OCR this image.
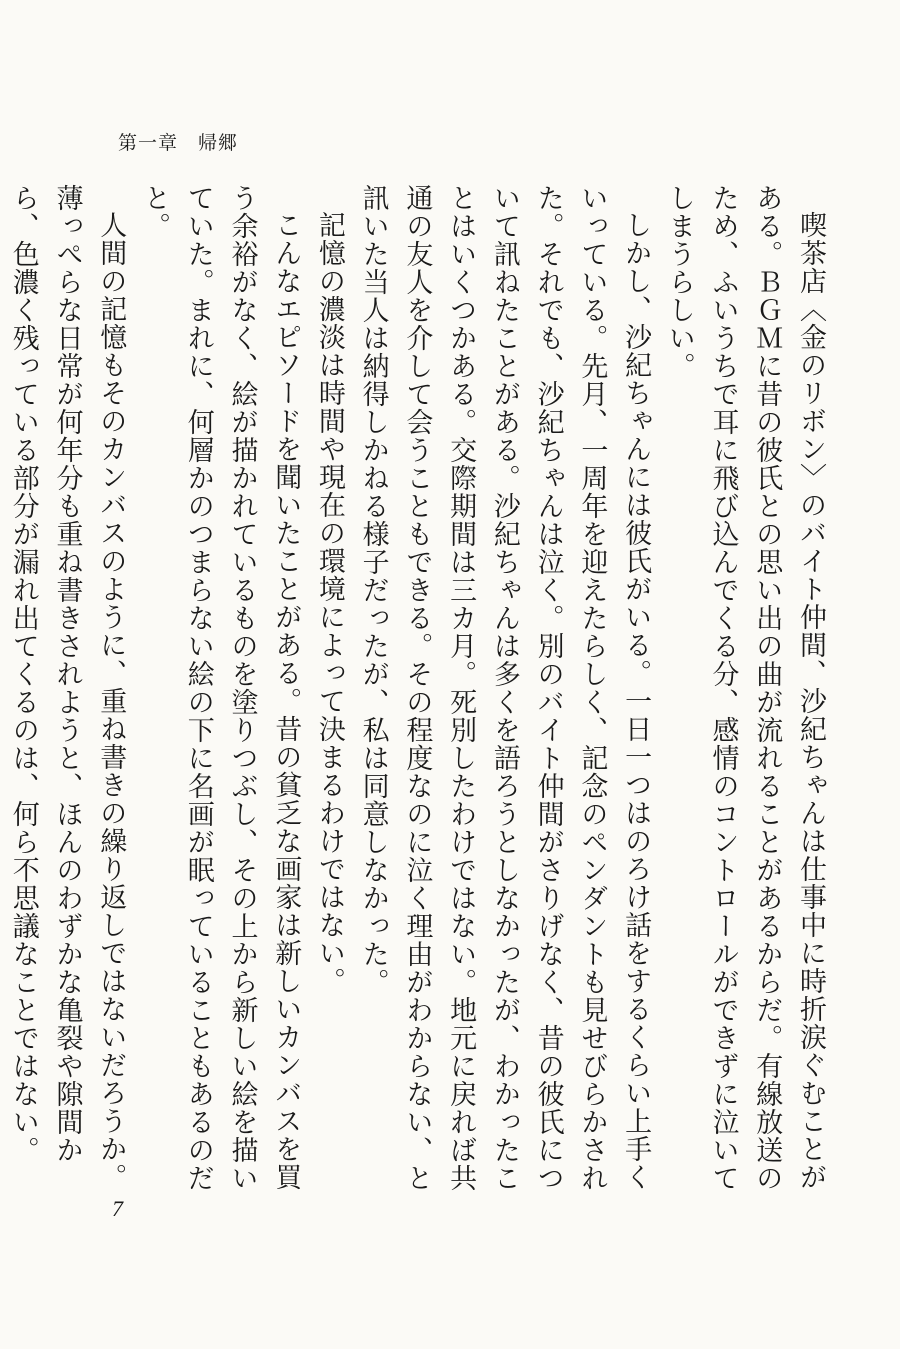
第一章　帰郷

喫茶店〈金のリボン〉のバイト仲間、沙紀ちゃんは仕事中に時折涙ぐむことがある。ＢＧＭに昔の彼氏との思い出の曲が流れることがあるからだ。有線放送のため、ふいうちで耳に飛び込んでくる分、感情のコントロールができずに泣いてしまうらしい。

しかし、沙紀ちゃんには彼氏がいる。一日一つはのろけ話をするくらい上手くいっている。先月、一周年を迎えたらしく、記念のペンダントも見せびらかされた。それでも、沙紀ちゃんは泣く。別のバイト仲間がさりげなく、昔の彼氏について訊ねたことがある。沙紀ちゃんは多くを語ろうとしなかったが、わかったことはいくつかある。交際期間は三カ月。死別したわけではない。地元に戻れば共通の友人を介して会うこともできる。その程度なのに泣く理由がわからない、と訊いた当人は納得しかねる様子だったが、私は同意しなかった。

記憶の濃淡は時間や現在の環境によって決まるわけではない。

こんなエピソードを聞いたことがある。昔の貧乏な画家は新しいカンバスを買う余裕がなく、絵が描かれているものを塗りつぶし、その上から新しい絵を描いていた。まれに、何層かのつまらない絵の下に名画が眠っていることもあるのだと。

人間の記憶もそのカンバスのように、重ね書きの繰り返しではないだろうか。薄っぺらな日常が何年分も重ね書きされようと、ほんのわずかな亀裂や隙間から、色濃く残っている部分が漏れ出てくるのは、何ら不思議なことではない。

7
